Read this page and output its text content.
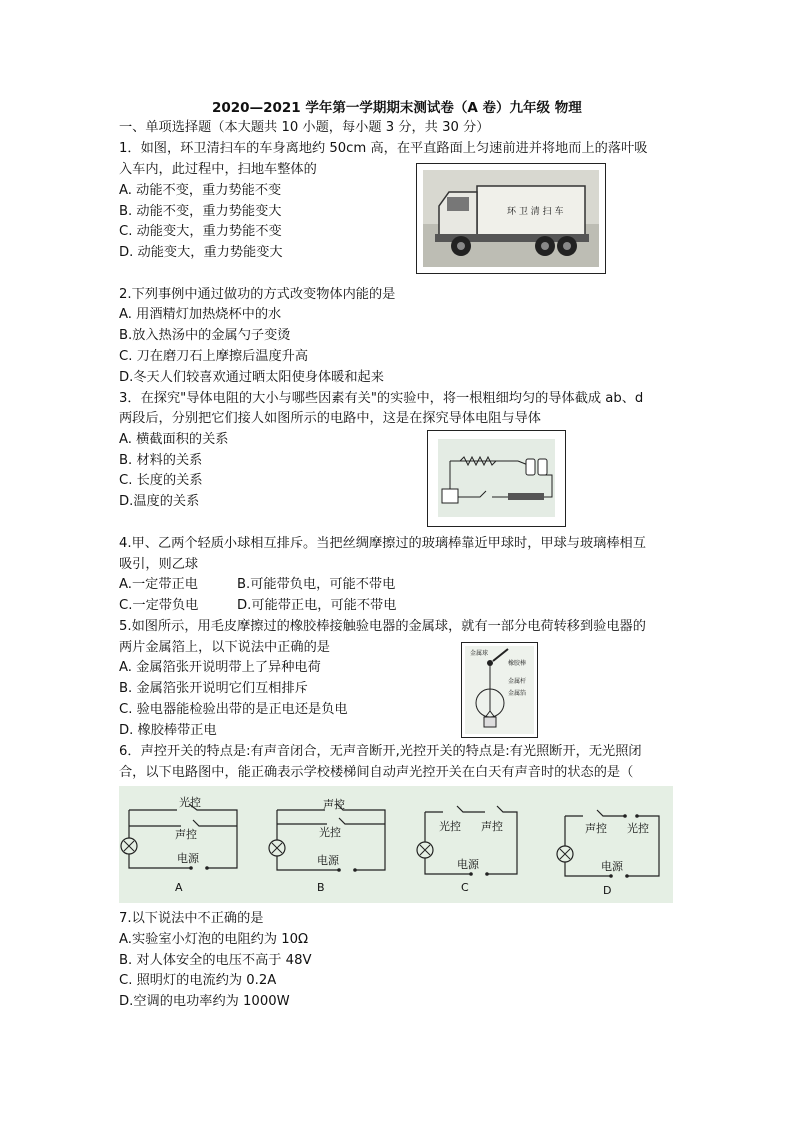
2020—2021 学年第一学期期末测试卷（A 卷）九年级 物理
一、单项选择题（本大题共 10 小题，每小题 3 分，共 30 分）
1．如图，环卫清扫车的车身离地约 50cm 高，在平直路面上匀速前进并将地而上的落叶吸
入车内，此过程中，扫地车整体的
A. 动能不变，重力势能不变
B. 动能不变，重力势能变大
C. 动能变大，重力势能不变
D. 动能变大，重力势能变大
环 卫 清 扫 车
2.下列事例中通过做功的方式改变物体内能的是
A. 用酒精灯加热烧杯中的水
B.放入热汤中的金属勺子变烫
C. 刀在磨刀石上摩擦后温度升高
D.冬天人们较喜欢通过晒太阳使身体暖和起来
3．在探究"导体电阻的大小与哪些因素有关"的实验中，将一根粗细均匀的导体截成 ab、d
两段后，分别把它们接人如图所示的电路中，这是在探究导体电阻与导体
A. 横截面积的关系
B. 材料的关系
C. 长度的关系
D.温度的关系
4.甲、乙两个轻质小球相互排斥。当把丝绸摩擦过的玻璃棒靠近甲球时，甲球与玻璃棒相互
吸引，则乙球
A.一定带正电	B.可能带负电，可能不带电
C.一定带负电	D.可能带正电，可能不带电
5.如图所示，用毛皮摩擦过的橡胶棒接触验电器的金属球，就有一部分电荷转移到验电器的
两片金属箔上，以下说法中正确的是
A. 金属箔张开说明带上了异种电荷
B. 金属箔张开说明它们互相排斥
C. 验电器能检验出带的是正电还是负电
D. 橡胶棒带正电
金属球
橡胶棒
金属杆
金属箔
6．声控开关的特点是:有声音闭合，无声音断开,光控开关的特点是:有光照断开，无光照闭
合，以下电路图中，能正确表示学校楼梯间自动声光控开关在白天有声音时的状态的是（
光控
声控
电源
A
声控
光控
电源
B
光控 声控
电源
C
声控 光控
电源
D
7.以下说法中不正确的是
A.实验室小灯泡的电阻约为 10Ω
B. 对人体安全的电压不高于 48V
C. 照明灯的电流约为 0.2A
D.空调的电功率约为 1000W
